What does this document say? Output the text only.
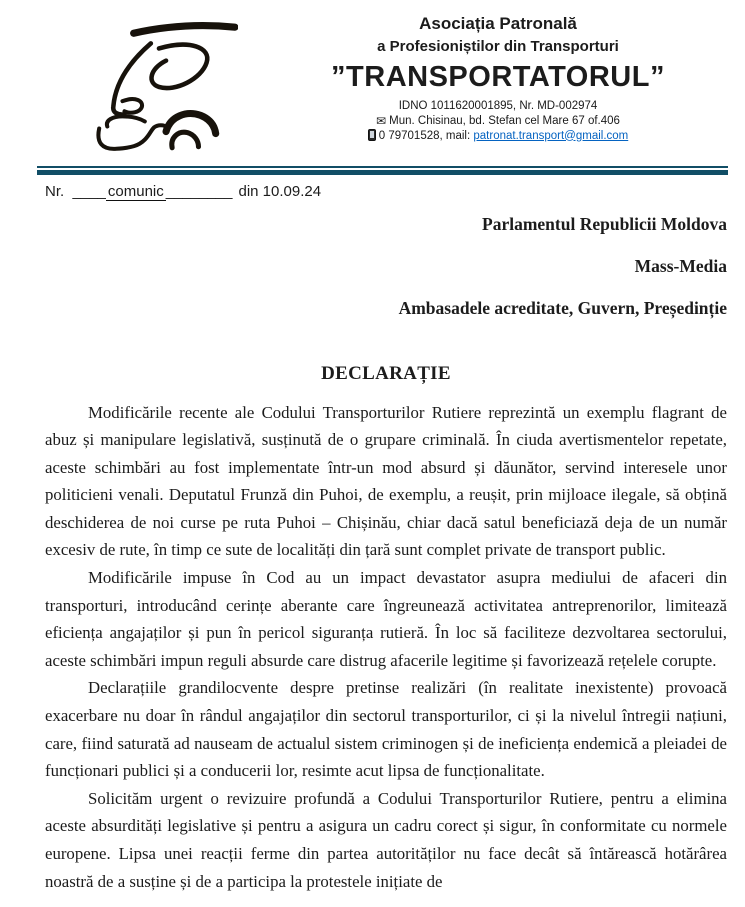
Asociația Patronală
a Profesioniștilor din Transporturi
”TRANSPORTATORUL”
IDNO 1011620001895, Nr. MD-002974
✉ Mun. Chisinau, bd. Stefan cel Mare 67 of.406
0 79701528, mail: patronat.transport@gmail.com
Nr. ____ comunic ________ din 10.09.24
Parlamentul Republicii Moldova
Mass-Media
Ambasadele acreditate, Guvern, Președinție
DECLARAȚIE

Modificările recente ale Codului Transporturilor Rutiere reprezintă un exemplu flagrant de abuz și manipulare legislativă, susținută de o grupare criminală. În ciuda avertismentelor repetate, aceste schimbări au fost implementate într-un mod absurd și dăunător, servind interesele unor politicieni venali. Deputatul Frunză din Puhoi, de exemplu, a reușit, prin mijloace ilegale, să obțină deschiderea de noi curse pe ruta Puhoi – Chișinău, chiar dacă satul beneficiază deja de un număr excesiv de rute, în timp ce sute de localități din țară sunt complet private de transport public.

Modificările impuse în Cod au un impact devastator asupra mediului de afaceri din transporturi, introducând cerințe aberante care îngreunează activitatea antreprenorilor, limitează eficiența angajaților și pun în pericol siguranța rutieră. În loc să faciliteze dezvoltarea sectorului, aceste schimbări impun reguli absurde care distrug afacerile legitime și favorizează rețelele corupte.

Declarațiile grandilocvente despre pretinse realizări (în realitate inexistente) provoacă exacerbare nu doar în rândul angajaților din sectorul transporturilor, ci și la nivelul întregii națiuni, care, fiind saturată ad nauseam de actualul sistem criminogen și de ineficiența endemică a pleiadei de funcționari publici și a conducerii lor, resimte acut lipsa de funcționalitate.

Solicităm urgent o revizuire profundă a Codului Transporturilor Rutiere, pentru a elimina aceste absurdități legislative și pentru a asigura un cadru corect și sigur, în conformitate cu normele europene. Lipsa unei reacții ferme din partea autorităților nu face decât să întărească hotărârea noastră de a susține și de a participa la protestele inițiate de
